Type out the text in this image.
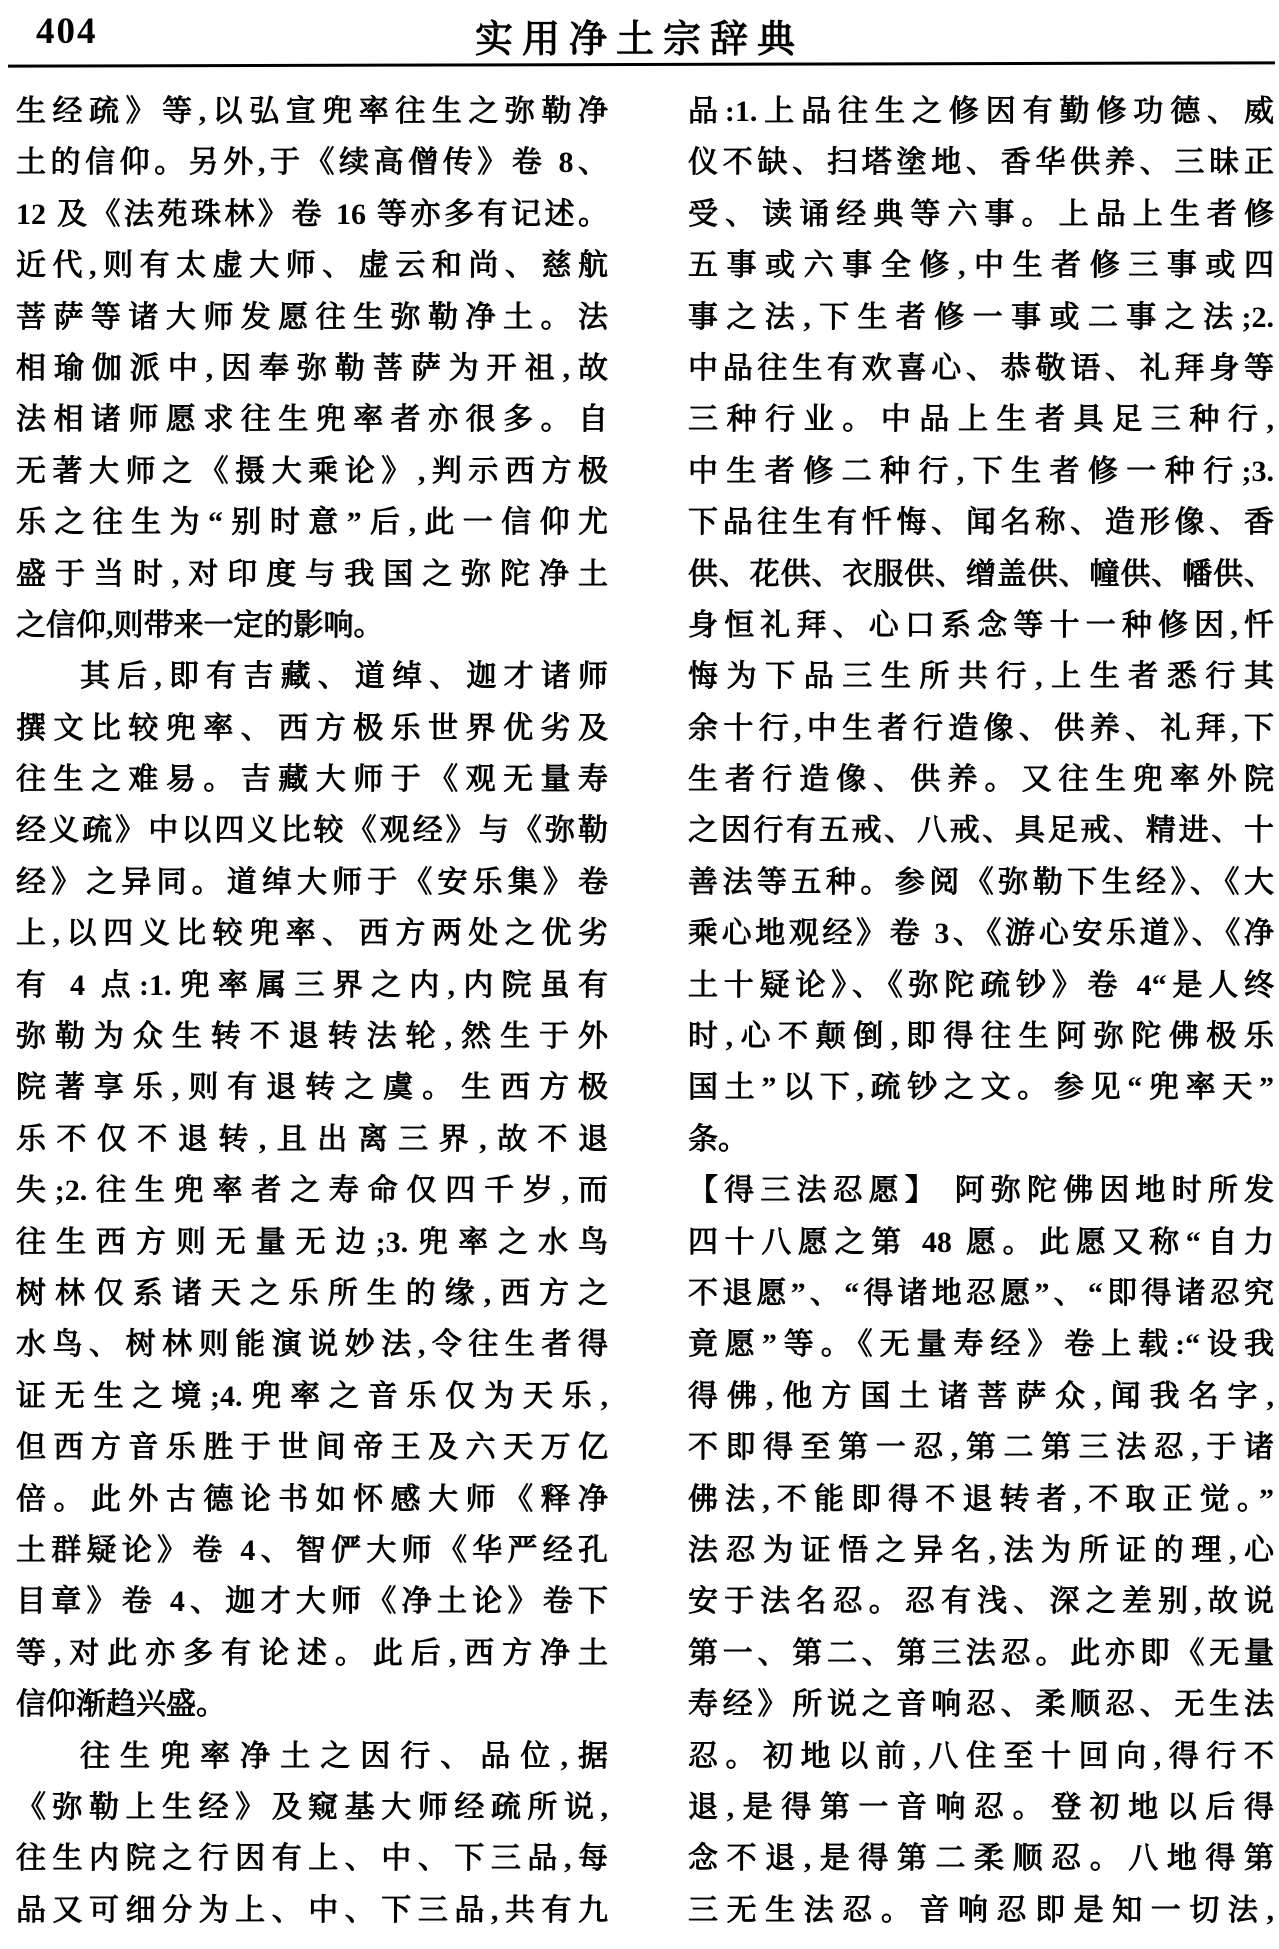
404	实用净土宗辞典
生经疏》等,以弘宣兜率往生之弥勒净
土的信仰。另外,于《续高僧传》卷 8、
12 及《法苑珠林》卷 16 等亦多有记述。
近代,则有太虚大师、虚云和尚、慈航
菩萨等诸大师发愿往生弥勒净土。法
相瑜伽派中,因奉弥勒菩萨为开祖,故
法相诸师愿求往生兜率者亦很多。自
无著大师之《摄大乘论》,判示西方极
乐之往生为“别时意”后,此一信仰尤
盛于当时,对印度与我国之弥陀净土
之信仰,则带来一定的影响。
其后,即有吉藏、道绰、迦才诸师
撰文比较兜率、西方极乐世界优劣及
往生之难易。吉藏大师于《观无量寿
经义疏》中以四义比较《观经》与《弥勒
经》之异同。道绰大师于《安乐集》卷
上,以四义比较兜率、西方两处之优劣
有 4 点:1.兜率属三界之内,内院虽有
弥勒为众生转不退转法轮,然生于外
院著享乐,则有退转之虞。生西方极
乐不仅不退转,且出离三界,故不退
失;2.往生兜率者之寿命仅四千岁,而
往生西方则无量无边;3.兜率之水鸟
树林仅系诸天之乐所生的缘,西方之
水鸟、树林则能演说妙法,令往生者得
证无生之境;4.兜率之音乐仅为天乐,
但西方音乐胜于世间帝王及六天万亿
倍。此外古德论书如怀感大师《释净
土群疑论》卷 4、智俨大师《华严经孔
目章》卷 4、迦才大师《净土论》卷下
等,对此亦多有论述。此后,西方净土
信仰渐趋兴盛。
往生兜率净土之因行、品位,据
《弥勒上生经》及窥基大师经疏所说,
往生内院之行因有上、中、下三品,每
品又可细分为上、中、下三品,共有九
品:1.上品往生之修因有勤修功德、威
仪不缺、扫塔塗地、香华供养、三昧正
受、读诵经典等六事。上品上生者修
五事或六事全修,中生者修三事或四
事之法,下生者修一事或二事之法;2.
中品往生有欢喜心、恭敬语、礼拜身等
三种行业。中品上生者具足三种行,
中生者修二种行,下生者修一种行;3.
下品往生有忏悔、闻名称、造形像、香
供、花供、衣服供、缯盖供、幢供、幡供、
身恒礼拜、心口系念等十一种修因,忏
悔为下品三生所共行,上生者悉行其
余十行,中生者行造像、供养、礼拜,下
生者行造像、供养。又往生兜率外院
之因行有五戒、八戒、具足戒、精进、十
善法等五种。参阅《弥勒下生经》、《大
乘心地观经》卷 3、《游心安乐道》、《净
土十疑论》、《弥陀疏钞》卷 4“是人终
时,心不颠倒,即得往生阿弥陀佛极乐
国土”以下,疏钞之文。参见“兜率天”
条。
【得三法忍愿】 阿弥陀佛因地时所发
四十八愿之第 48 愿。此愿又称“自力
不退愿”、“得诸地忍愿”、“即得诸忍究
竟愿”等。《无量寿经》卷上载:“设我
得佛,他方国土诸菩萨众,闻我名字,
不即得至第一忍,第二第三法忍,于诸
佛法,不能即得不退转者,不取正觉。”
法忍为证悟之异名,法为所证的理,心
安于法名忍。忍有浅、深之差别,故说
第一、第二、第三法忍。此亦即《无量
寿经》所说之音响忍、柔顺忍、无生法
忍。初地以前,八住至十回向,得行不
退,是得第一音响忍。登初地以后得
念不退,是得第二柔顺忍。八地得第
三无生法忍。音响忍即是知一切法,
